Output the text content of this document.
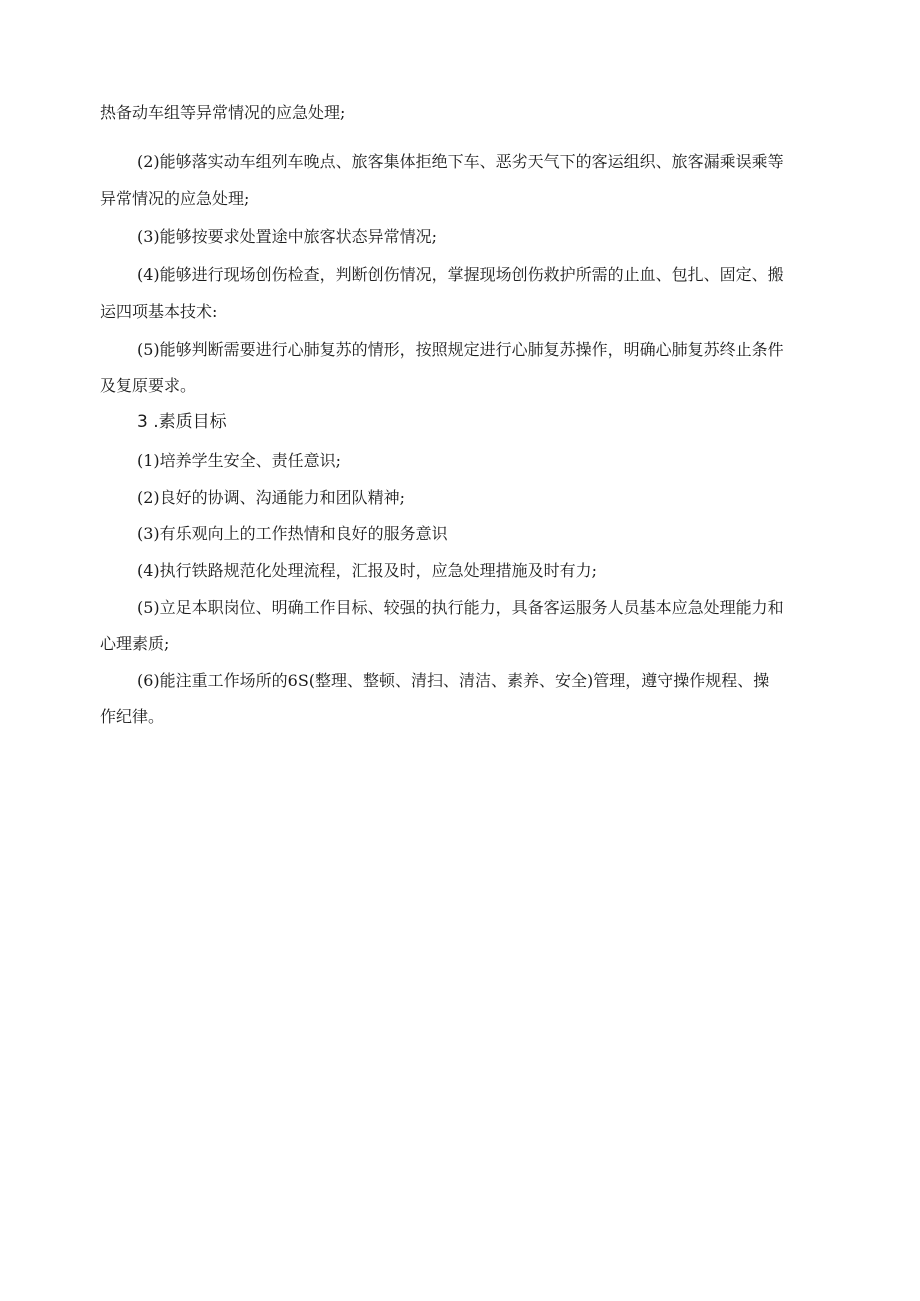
热备动车组等异常情况的应急处理;
(2)能够落实动车组列车晚点、旅客集体拒绝下车、恶劣天气下的客运组织、旅客漏乘误乘等
异常情况的应急处理;
(3)能够按要求处置途中旅客状态异常情况;
(4)能够进行现场创伤检查，判断创伤情况，掌握现场创伤救护所需的止血、包扎、固定、搬
运四项基本技术:
(5)能够判断需要进行心肺复苏的情形，按照规定进行心肺复苏操作，明确心肺复苏终止条件
及复原要求。
3 .素质目标
(1)培养学生安全、责任意识;
(2)良好的协调、沟通能力和团队精神;
(3)有乐观向上的工作热情和良好的服务意识
(4)执行铁路规范化处理流程，汇报及时，应急处理措施及时有力;
(5)立足本职岗位、明确工作目标、较强的执行能力，具备客运服务人员基本应急处理能力和
心理素质;
(6)能注重工作场所的6S(整理、整顿、清扫、清洁、素养、安全)管理，遵守操作规程、操
作纪律。
